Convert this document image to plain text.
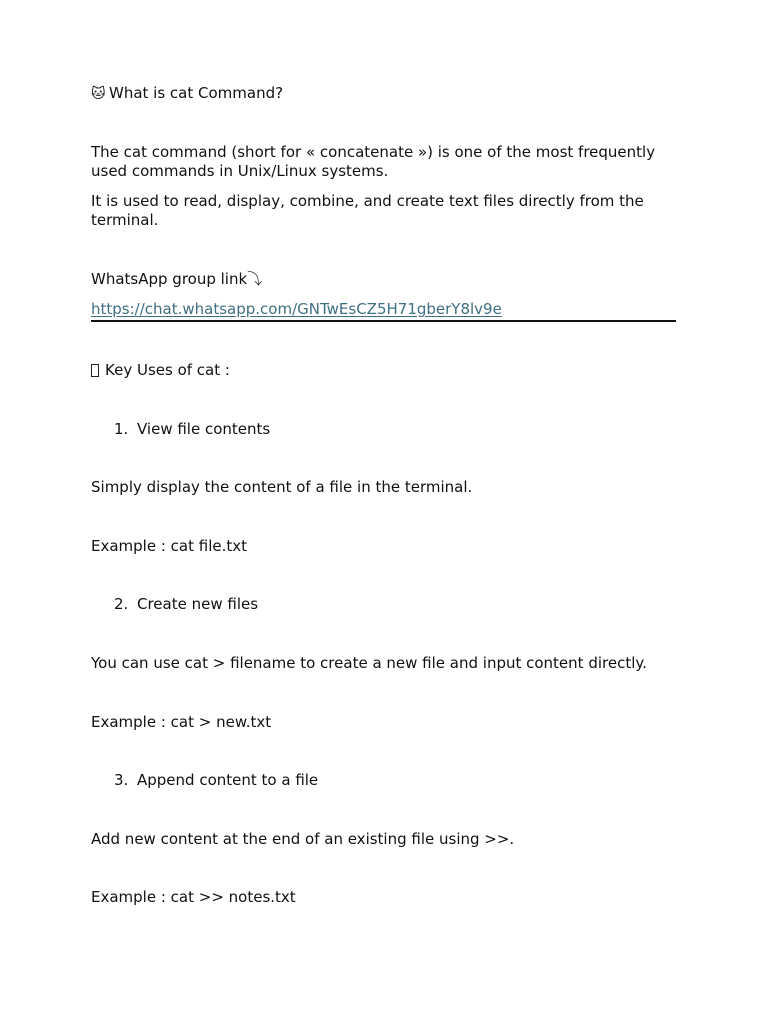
🐱 What is cat Command?
The cat command (short for « concatenate ») is one of the most frequently used commands in Unix/Linux systems.
It is used to read, display, combine, and create text files directly from the terminal.
WhatsApp group link⤵
https://chat.whatsapp.com/GNTwEsCZ5H71gberY8lv9e
Key Uses of cat :
1. View file contents
Simply display the content of a file in the terminal.
Example : cat file.txt
2. Create new files
You can use cat > filename to create a new file and input content directly.
Example : cat > new.txt
3. Append content to a file
Add new content at the end of an existing file using >>.
Example : cat >> notes.txt
